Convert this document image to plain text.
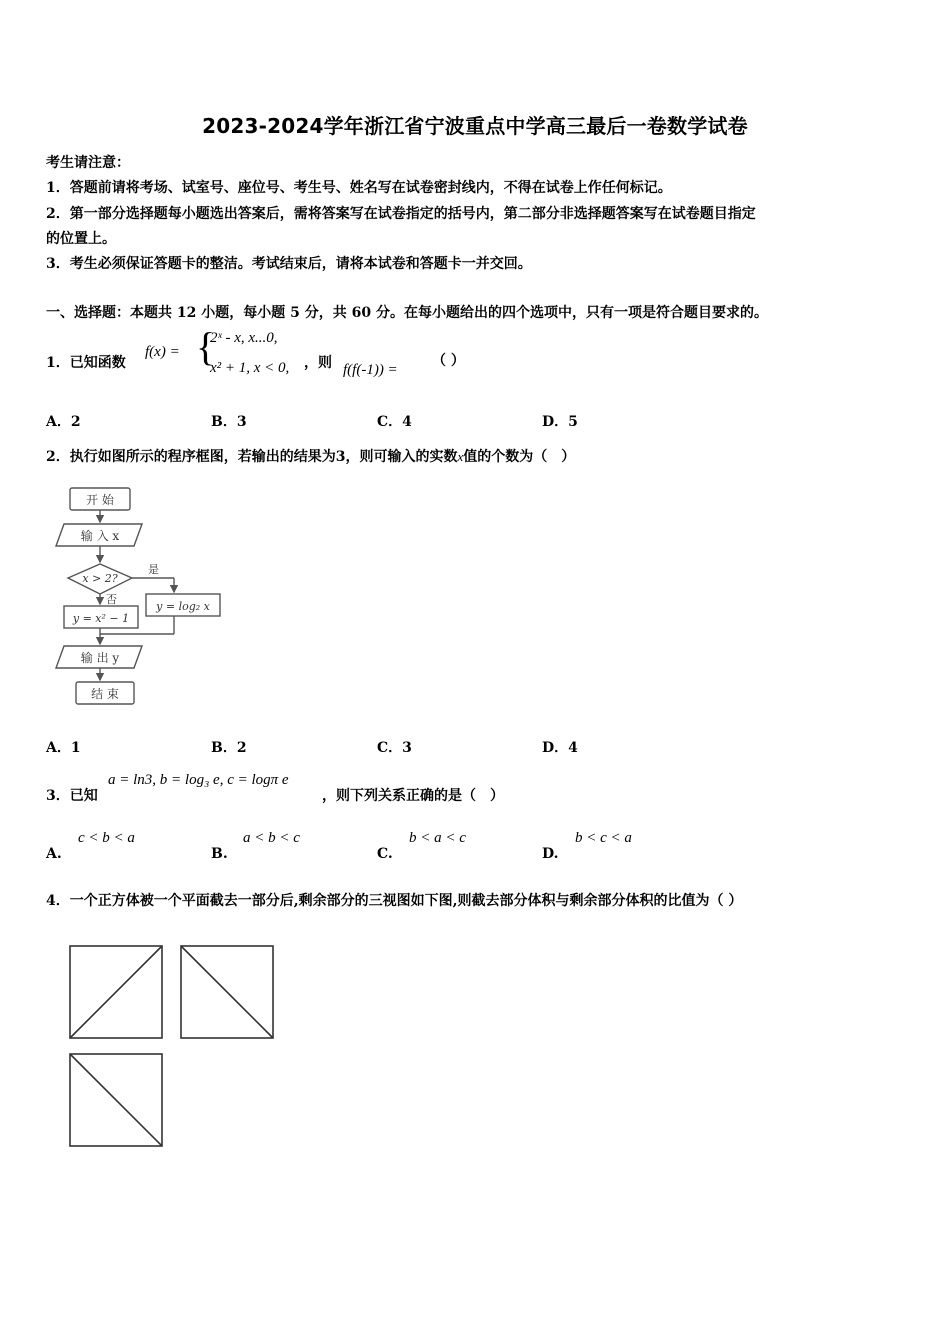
2023-2024学年浙江省宁波重点中学高三最后一卷数学试卷
考生请注意：
1．答题前请将考场、试室号、座位号、考生号、姓名写在试卷密封线内，不得在试卷上作任何标记。
2．第一部分选择题每小题选出答案后，需将答案写在试卷指定的括号内，第二部分非选择题答案写在试卷题目指定
的位置上。
3．考生必须保证答题卡的整洁。考试结束后，请将本试卷和答题卡一并交回。
一、选择题：本题共 12 小题，每小题 5 分，共 60 分。在每小题给出的四个选项中，只有一项是符合题目要求的。
1．已知函数
f(x) = {
2ˣ - x, x...0,
x² + 1, x < 0, ，则 f(f(-1)) =
（ ）
A．2	B．3	C．4	D．5
2．执行如图所示的程序框图，若输出的结果为3，则可输入的实数x值的个数为（　）
开 始
输 入 x
x > 2?
是
否
y = log₂ x
y = x² − 1
输 出 y
结 束
A．1	B．2	C．3	D．4
3．已知
a = ln3, b = log₃ e, c = logπ e
，则下列关系正确的是（　）
A.
c < b < a
B.
a < b < c
C.
b < a < c
D.
b < c < a
4．一个正方体被一个平面截去一部分后,剩余部分的三视图如下图,则截去部分体积与剩余部分体积的比值为（ ）
